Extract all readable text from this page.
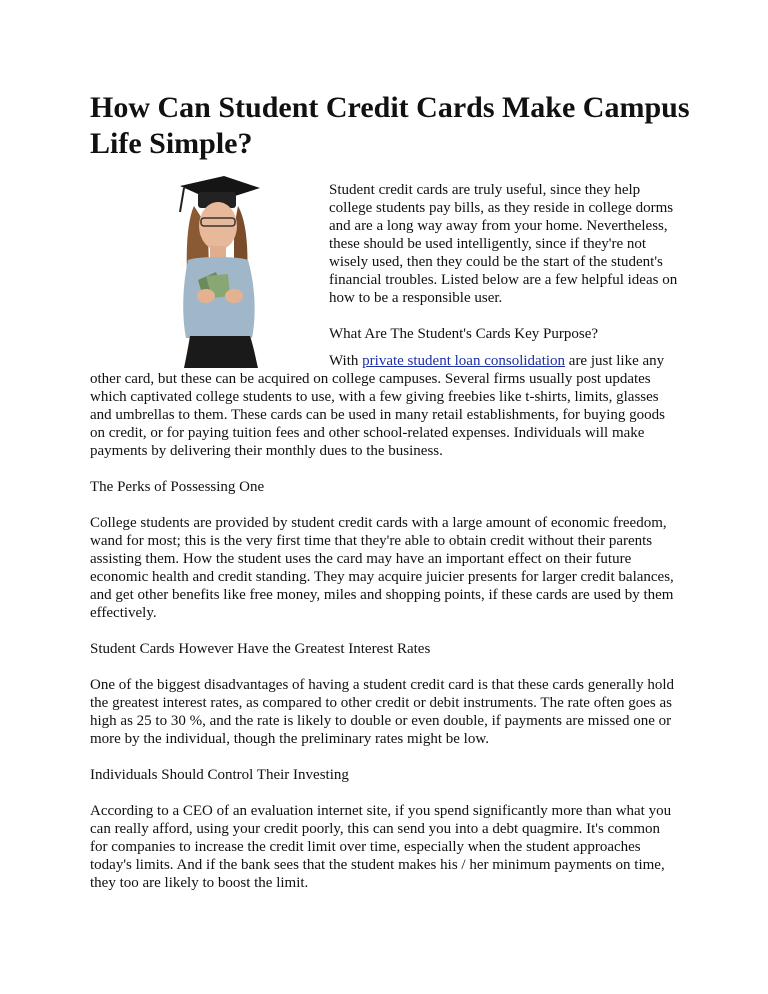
How Can Student Credit Cards Make Campus Life Simple?

Student credit cards are truly useful, since they help college students pay bills, as they reside in college dorms and are a long way away from your home. Nevertheless, these should be used intelligently, since if they're not wisely used, then they could be the start of the student's financial troubles. Listed below are a few helpful ideas on how to be a responsible user.

What Are The Student's Cards Key Purpose?

With private student loan consolidation are just like any other card, but these can be acquired on college campuses. Several firms usually post updates which captivated college students to use, with a few giving freebies like t-shirts, limits, glasses and umbrellas to them. These cards can be used in many retail establishments, for buying goods on credit, or for paying tuition fees and other school-related expenses. Individuals will make payments by delivering their monthly dues to the business.

The Perks of Possessing One

College students are provided by student credit cards with a large amount of economic freedom, wand for most; this is the very first time that they're able to obtain credit without their parents assisting them. How the student uses the card may have an important effect on their future economic health and credit standing. They may acquire juicier presents for larger credit balances, and get other benefits like free money, miles and shopping points, if these cards are used by them effectively.

Student Cards However Have the Greatest Interest Rates

One of the biggest disadvantages of having a student credit card is that these cards generally hold the greatest interest rates, as compared to other credit or debit instruments. The rate often goes as high as 25 to 30 %, and the rate is likely to double or even double, if payments are missed one or more by the individual, though the preliminary rates might be low.

Individuals Should Control Their Investing

According to a CEO of an evaluation internet site, if you spend significantly more than what you can really afford, using your credit poorly, this can send you into a debt quagmire. It's common for companies to increase the credit limit over time, especially when the student approaches today's limits. And if the bank sees that the student makes his / her minimum payments on time, they too are likely to boost the limit.
